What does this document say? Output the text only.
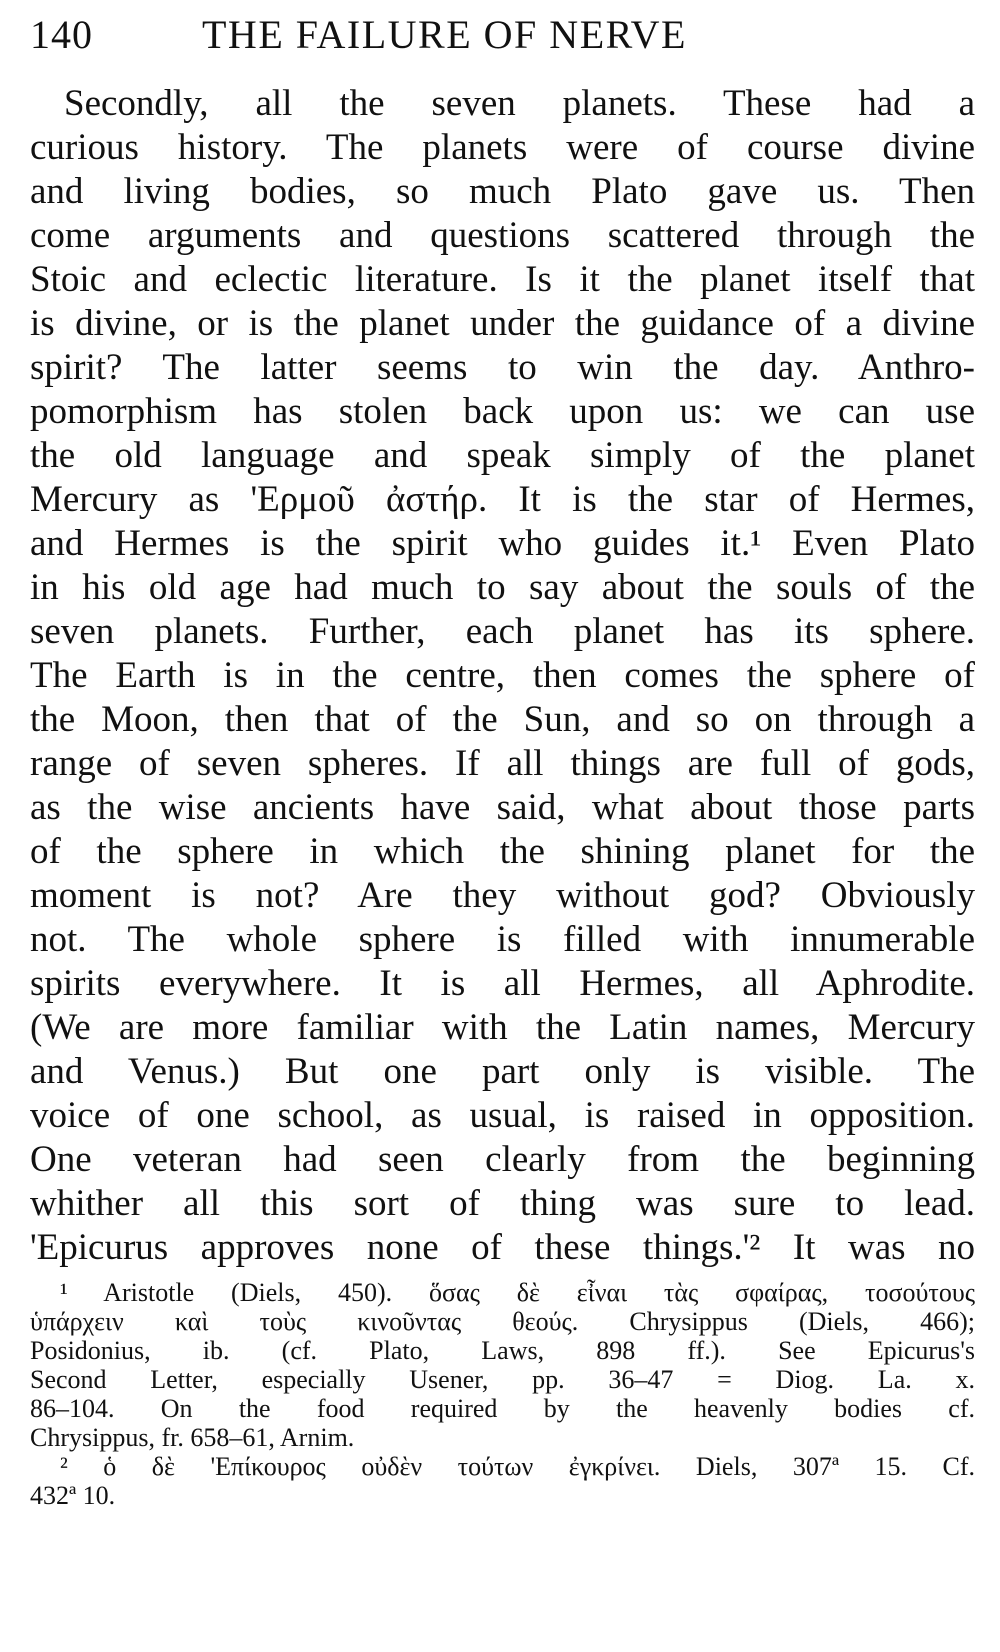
140	THE FAILURE OF NERVE
Secondly, all the seven planets. These had a
curious history. The planets were of course divine
and living bodies, so much Plato gave us. Then
come arguments and questions scattered through the
Stoic and eclectic literature. Is it the planet itself that
is divine, or is the planet under the guidance of a divine
spirit? The latter seems to win the day. Anthro-
pomorphism has stolen back upon us: we can use
the old language and speak simply of the planet
Mercury as 'Ερμοῦ ἀστήρ. It is the star of Hermes,
and Hermes is the spirit who guides it.¹ Even Plato
in his old age had much to say about the souls of the
seven planets. Further, each planet has its sphere.
The Earth is in the centre, then comes the sphere of
the Moon, then that of the Sun, and so on through a
range of seven spheres. If all things are full of gods,
as the wise ancients have said, what about those parts
of the sphere in which the shining planet for the
moment is not? Are they without god? Obviously
not. The whole sphere is filled with innumerable
spirits everywhere. It is all Hermes, all Aphrodite.
(We are more familiar with the Latin names, Mercury
and Venus.) But one part only is visible. The
voice of one school, as usual, is raised in opposition.
One veteran had seen clearly from the beginning
whither all this sort of thing was sure to lead.
'Epicurus approves none of these things.'² It was no
¹ Aristotle (Diels, 450). ὅσας δὲ εἶναι τὰς σφαίρας, τοσούτους
ὑπάρχειν καὶ τοὺς κινοῦντας θεούς. Chrysippus (Diels, 466);
Posidonius, ib. (cf. Plato, Laws, 898 ff.). See Epicurus's
Second Letter, especially Usener, pp. 36–47 = Diog. La. x.
86–104. On the food required by the heavenly bodies cf.
Chrysippus, fr. 658–61, Arnim.
² ὁ δὲ 'Επίκουρος οὐδὲν τούτων ἐγκρίνει. Diels, 307ª 15. Cf.
432ª 10.
